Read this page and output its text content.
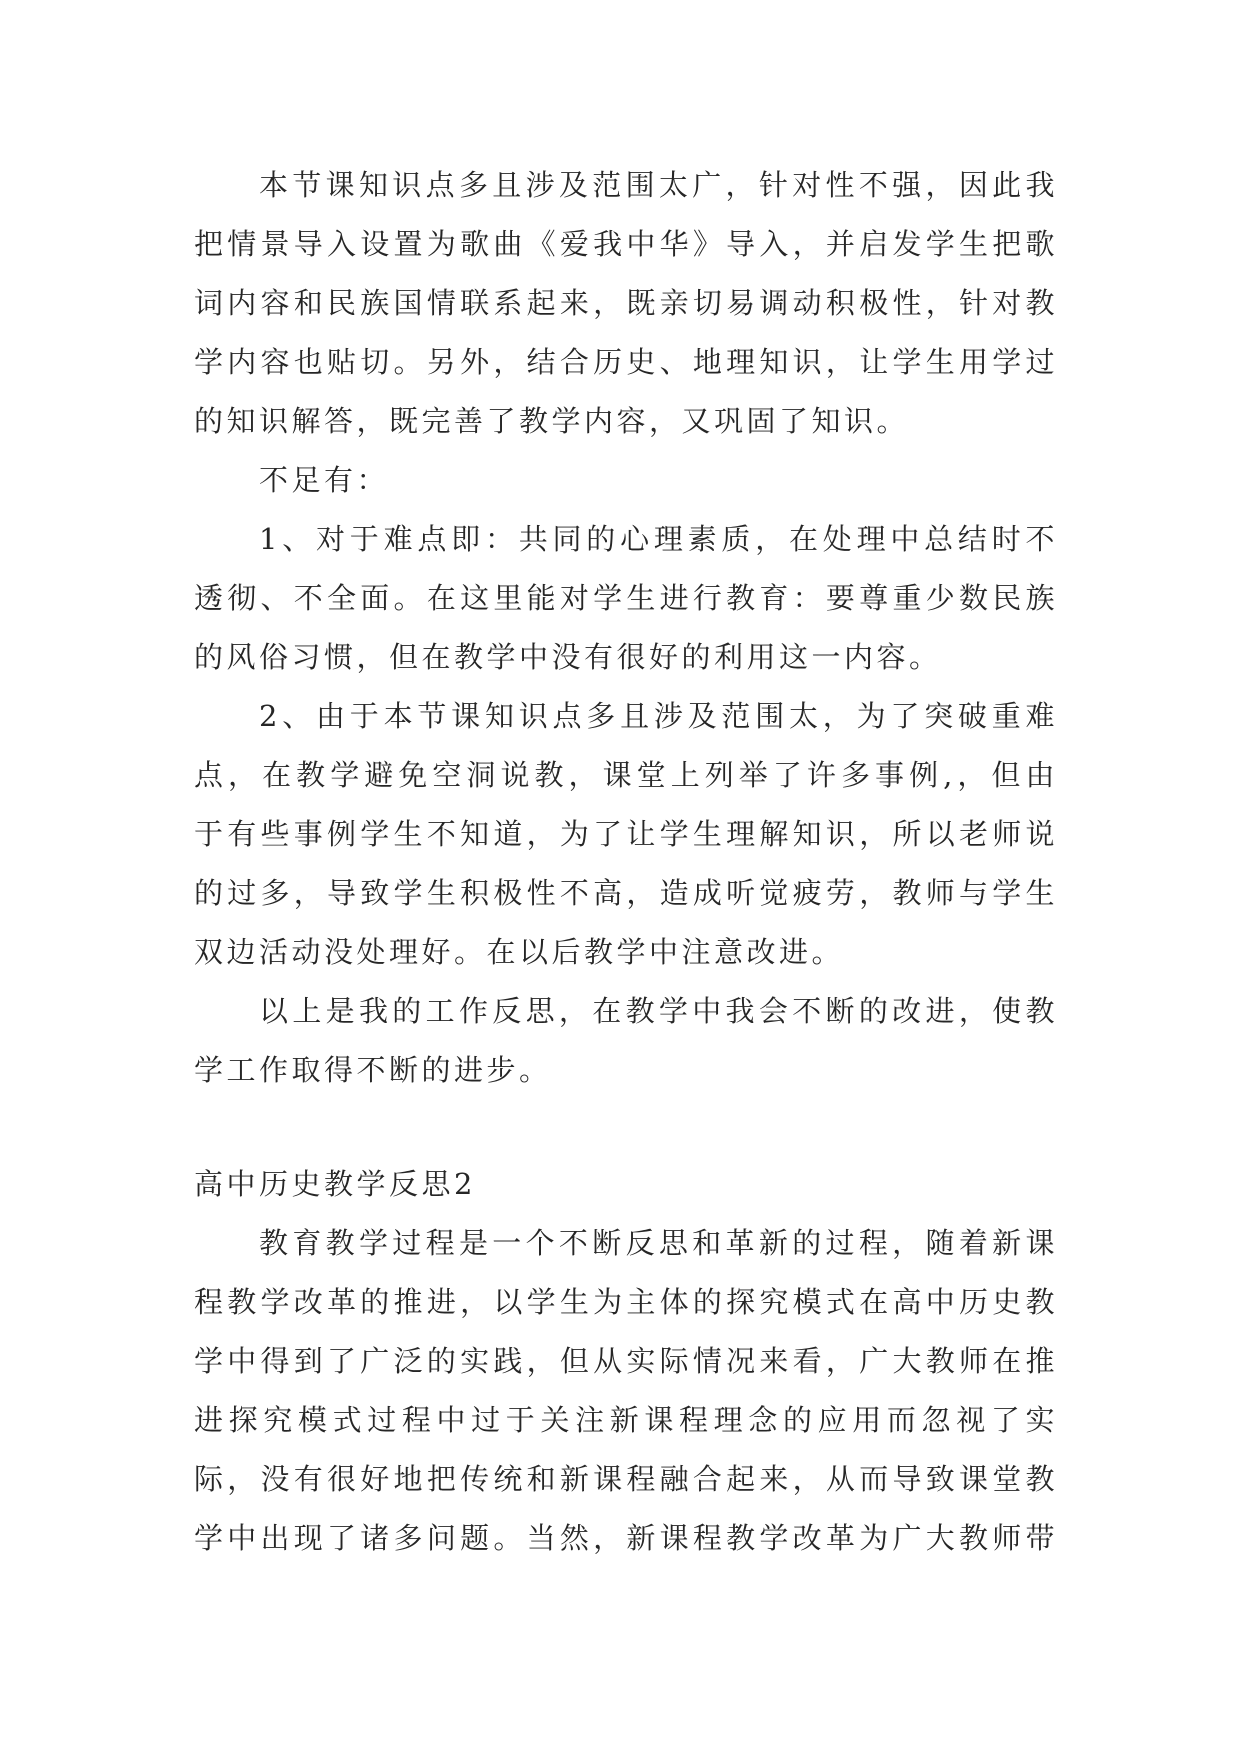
本节课知识点多且涉及范围太广，针对性不强，因此我
把情景导入设置为歌曲《爱我中华》导入，并启发学生把歌
词内容和民族国情联系起来，既亲切易调动积极性，针对教
学内容也贴切。另外，结合历史、地理知识，让学生用学过
的知识解答，既完善了教学内容，又巩固了知识。
不足有：
1、对于难点即：共同的心理素质，在处理中总结时不
透彻、不全面。在这里能对学生进行教育：要尊重少数民族
的风俗习惯，但在教学中没有很好的利用这一内容。
2、由于本节课知识点多且涉及范围太，为了突破重难
点，在教学避免空洞说教，课堂上列举了许多事例,，但由
于有些事例学生不知道，为了让学生理解知识，所以老师说
的过多，导致学生积极性不高，造成听觉疲劳，教师与学生
双边活动没处理好。在以后教学中注意改进。
以上是我的工作反思，在教学中我会不断的改进，使教
学工作取得不断的进步。
高中历史教学反思2
教育教学过程是一个不断反思和革新的过程，随着新课
程教学改革的推进，以学生为主体的探究模式在高中历史教
学中得到了广泛的实践，但从实际情况来看，广大教师在推
进探究模式过程中过于关注新课程理念的应用而忽视了实
际，没有很好地把传统和新课程融合起来，从而导致课堂教
学中出现了诸多问题。当然，新课程教学改革为广大教师带
